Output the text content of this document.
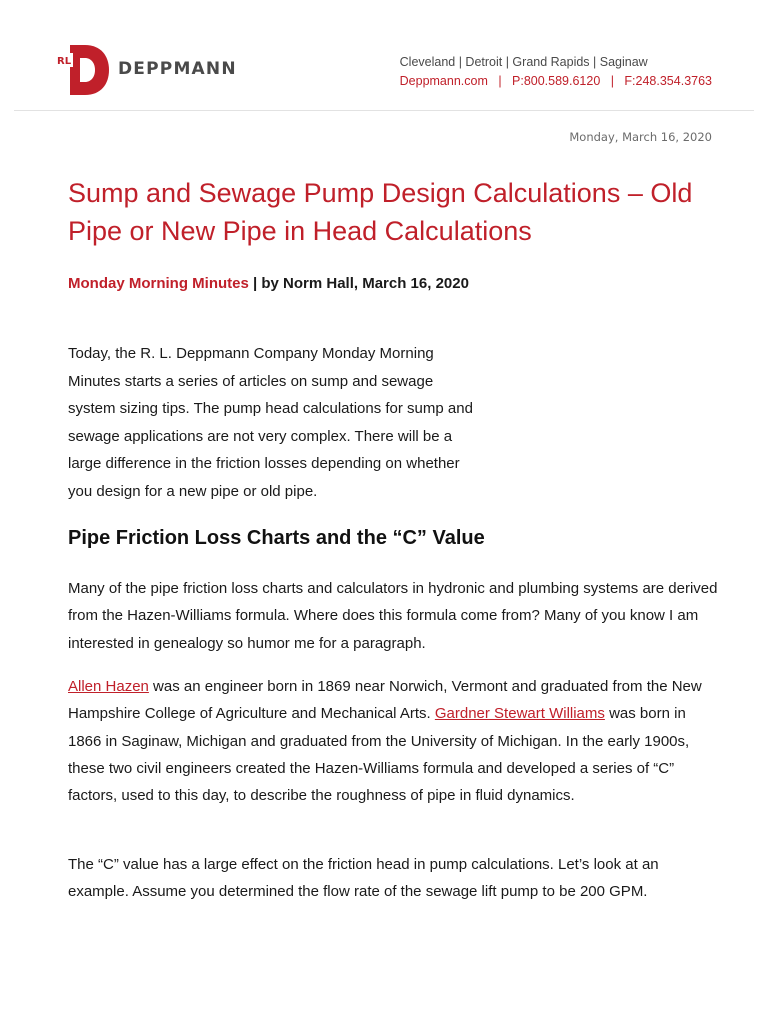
RL	DEPPMANN	Cleveland | Detroit | Grand Rapids | Saginaw
Deppmann.com | P:800.589.6120 | F:248.354.3763
Monday, March 16, 2020
Sump and Sewage Pump Design Calculations – Old Pipe or New Pipe in Head Calculations
Monday Morning Minutes | by Norm Hall, March 16, 2020

Today, the R. L. Deppmann Company Monday Morning Minutes starts a series of articles on sump and sewage system sizing tips. The pump head calculations for sump and sewage applications are not very complex. There will be a large difference in the friction losses depending on whether you design for a new pipe or old pipe.

Pipe Friction Loss Charts and the “C” Value

Many of the pipe friction loss charts and calculators in hydronic and plumbing systems are derived from the Hazen-Williams formula. Where does this formula come from? Many of you know I am interested in genealogy so humor me for a paragraph.

Allen Hazen was an engineer born in 1869 near Norwich, Vermont and graduated from the New Hampshire College of Agriculture and Mechanical Arts. Gardner Stewart Williams was born in 1866 in Saginaw, Michigan and graduated from the University of Michigan. In the early 1900s, these two civil engineers created the Hazen-Williams formula and developed a series of “C” factors, used to this day, to describe the roughness of pipe in fluid dynamics.

The “C” value has a large effect on the friction head in pump calculations. Let’s look at an example. Assume you determined the flow rate of the sewage lift pump to be 200 GPM.
